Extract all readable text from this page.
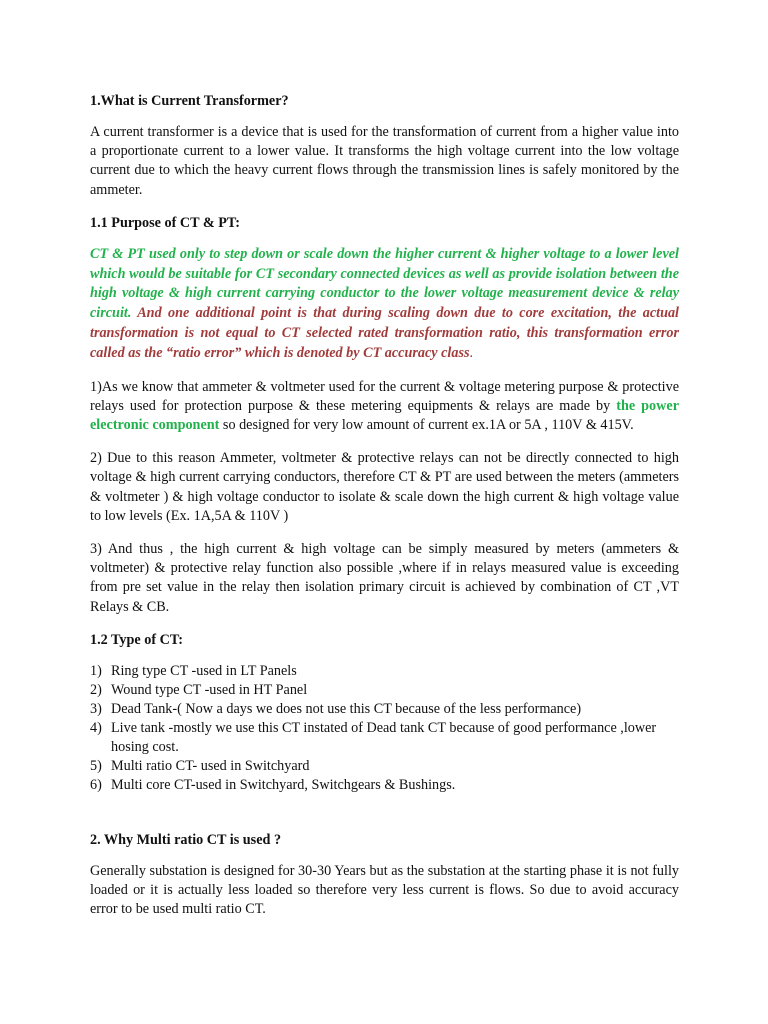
1.What is Current Transformer?
A current transformer is a device that is used for the transformation of current from a higher value into a proportionate current to a lower value. It transforms the high voltage current into the low voltage current due to which the heavy current flows through the transmission lines is safely monitored by the ammeter.
1.1 Purpose of CT & PT:
CT & PT used only to step down or scale down the higher current & higher voltage to a lower level which would be suitable for CT secondary connected devices as well as provide isolation between the high voltage & high current carrying conductor to the lower voltage measurement device & relay circuit. And one additional point is that during scaling down due to core excitation, the actual transformation is not equal to CT selected rated transformation ratio, this transformation error called as the “ratio error” which is denoted by CT accuracy class.
1)As we know that ammeter & voltmeter used for the current & voltage metering purpose & protective relays used for protection purpose & these metering equipments & relays are made by the power electronic component so designed for very low amount of current ex.1A or 5A , 110V & 415V.
2) Due to this reason Ammeter, voltmeter & protective relays can not be directly connected to high voltage & high current carrying conductors, therefore CT & PT are used between the meters (ammeters & voltmeter ) & high voltage conductor to isolate & scale down the high current & high voltage value to low levels (Ex. 1A,5A & 110V )
3) And thus , the high current & high voltage can be simply measured by meters (ammeters & voltmeter) & protective relay function also possible ,where if in relays measured value is exceeding from pre set value in the relay then isolation primary circuit is achieved by combination of CT ,VT Relays & CB.
1.2 Type of CT:
1) Ring type CT -used in LT Panels
2) Wound type CT -used in HT Panel
3) Dead Tank-( Now a days we does not use this CT because of the less performance)
4) Live tank -mostly we use this CT instated of Dead tank CT because of good performance ,lower hosing cost.
5) Multi ratio CT- used in Switchyard
6) Multi core CT-used in Switchyard, Switchgears & Bushings.
2. Why Multi ratio CT is used ?
Generally substation is designed for 30-30 Years but as the substation at the starting phase it is not fully loaded or it is actually less loaded so therefore very less current is flows. So due to avoid accuracy error to be used multi ratio CT.
